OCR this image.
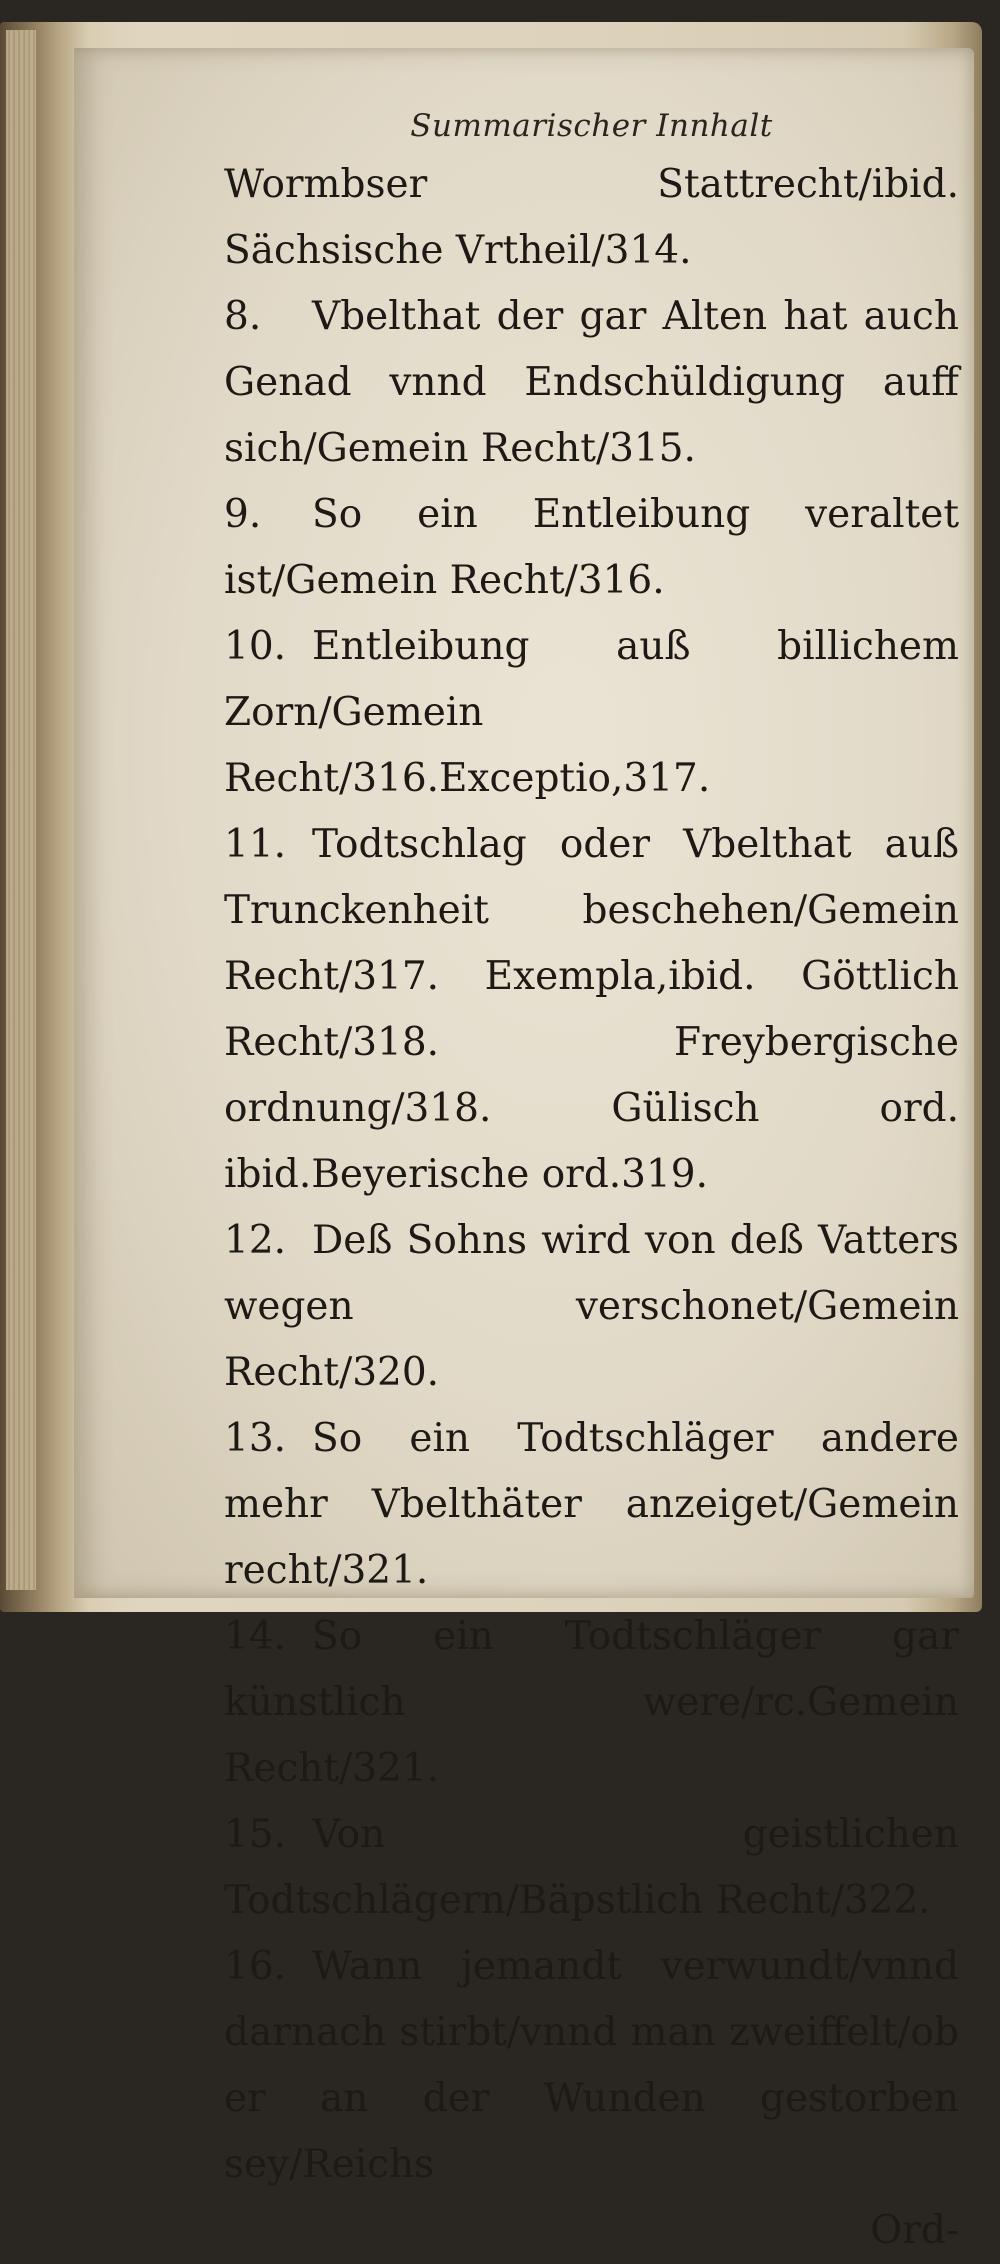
Summarischer Innhalt

Wormbser Stattrecht/ibid. Sächsische Vrtheil/314.

8. Vbelthat der gar Alten hat auch Genad vnnd Endschüldigung auff sich/Gemein Recht/315.

9. So ein Entleibung veraltet ist/Gemein Recht/316.

10. Entleibung auß billichem Zorn/Gemein Recht/316.Exceptio,317.

11. Todtschlag oder Vbelthat auß Trunckenheit beschehen/Gemein Recht/317. Exempla,ibid. Göttlich Recht/318. Freybergische ordnung/318. Gülisch ord. ibid.Beyerische ord.319.

12. Deß Sohns wird von deß Vatters wegen verschonet/Gemein Recht/320.

13. So ein Todtschläger andere mehr Vbelthäter anzeiget/Gemein recht/321.

14. So ein Todtschläger gar künstlich were/rc.Gemein Recht/321.

15. Von geistlichen Todtschlägern/Bäpstlich Recht/322.

16. Wann jemandt verwundt/vnnd darnach stirbt/vnnd man zweiffelt/ob er an der Wunden gestorben sey/Reichs

Ord-
